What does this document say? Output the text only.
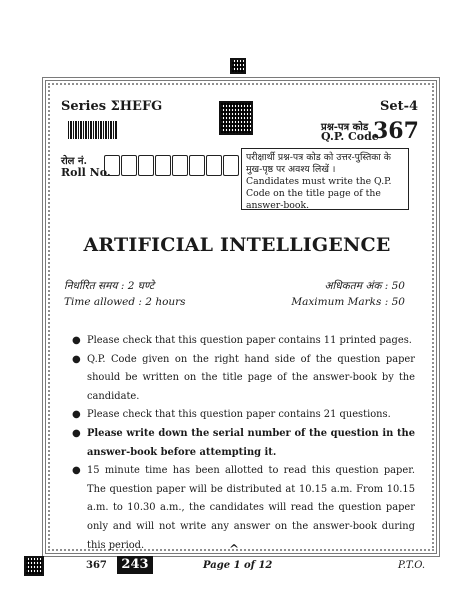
Series ΣHEFG	Set-4
प्रश्न-पत्र कोड
Q.P. Code
367
रोल नं.
Roll No.
परीक्षार्थी प्रश्न-पत्र कोड को उत्तर-पुस्तिका के मुख-पृष्ठ पर अवश्य लिखें ।
Candidates must write the Q.P. Code on the title page of the answer-book.
ARTIFICIAL INTELLIGENCE
निर्धारित समय : 2 घण्टे
Time allowed : 2 hours
अधिकतम अंक : 50
Maximum Marks : 50
● Please check that this question paper contains 11 printed pages.
● Q.P. Code given on the right hand side of the question paper should be written on the title page of the answer-book by the candidate.
● Please check that this question paper contains 21 questions.
● Please write down the serial number of the question in the answer-book before attempting it.
● 15 minute time has been allotted to read this question paper. The question paper will be distributed at 10.15 a.m. From 10.15 a.m. to 10.30 a.m., the candidates will read the question paper only and will not write any answer on the answer-book during this period.	^
367	243	Page 1 of 12	P.T.O.
